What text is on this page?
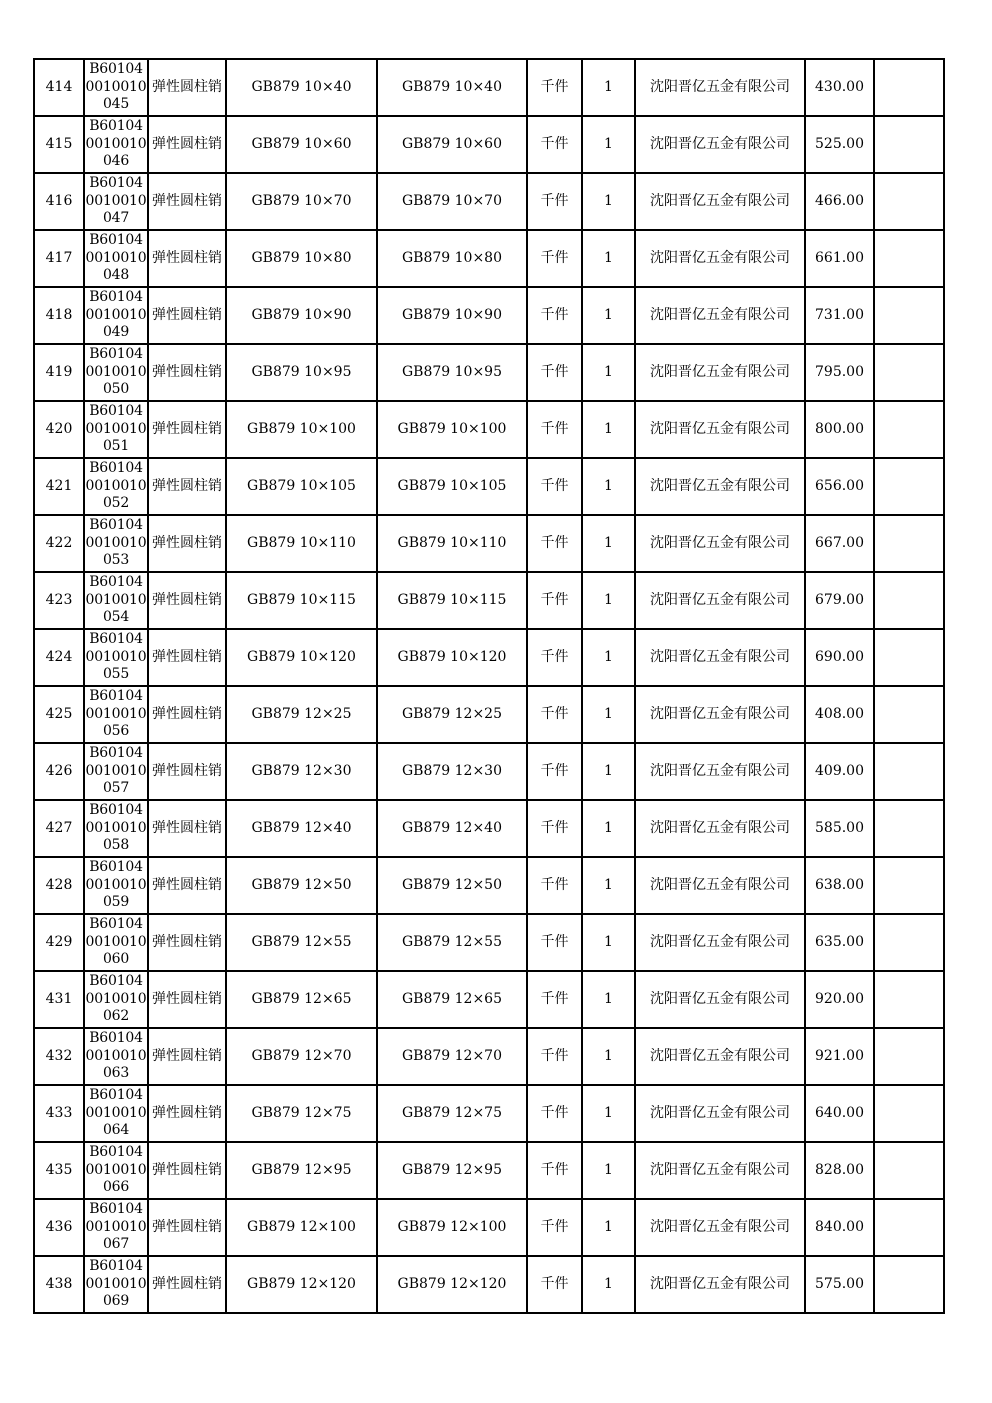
414	B601040010010045	弹性圆柱销	GB879 10×40	GB879 10×40	千件	1	沈阳晋亿五金有限公司	430.00	
415	B601040010010046	弹性圆柱销	GB879 10×60	GB879 10×60	千件	1	沈阳晋亿五金有限公司	525.00	
416	B601040010010047	弹性圆柱销	GB879 10×70	GB879 10×70	千件	1	沈阳晋亿五金有限公司	466.00	
417	B601040010010048	弹性圆柱销	GB879 10×80	GB879 10×80	千件	1	沈阳晋亿五金有限公司	661.00	
418	B601040010010049	弹性圆柱销	GB879 10×90	GB879 10×90	千件	1	沈阳晋亿五金有限公司	731.00	
419	B601040010010050	弹性圆柱销	GB879 10×95	GB879 10×95	千件	1	沈阳晋亿五金有限公司	795.00	
420	B601040010010051	弹性圆柱销	GB879 10×100	GB879 10×100	千件	1	沈阳晋亿五金有限公司	800.00	
421	B601040010010052	弹性圆柱销	GB879 10×105	GB879 10×105	千件	1	沈阳晋亿五金有限公司	656.00	
422	B601040010010053	弹性圆柱销	GB879 10×110	GB879 10×110	千件	1	沈阳晋亿五金有限公司	667.00	
423	B601040010010054	弹性圆柱销	GB879 10×115	GB879 10×115	千件	1	沈阳晋亿五金有限公司	679.00	
424	B601040010010055	弹性圆柱销	GB879 10×120	GB879 10×120	千件	1	沈阳晋亿五金有限公司	690.00	
425	B601040010010056	弹性圆柱销	GB879 12×25	GB879 12×25	千件	1	沈阳晋亿五金有限公司	408.00	
426	B601040010010057	弹性圆柱销	GB879 12×30	GB879 12×30	千件	1	沈阳晋亿五金有限公司	409.00	
427	B601040010010058	弹性圆柱销	GB879 12×40	GB879 12×40	千件	1	沈阳晋亿五金有限公司	585.00	
428	B601040010010059	弹性圆柱销	GB879 12×50	GB879 12×50	千件	1	沈阳晋亿五金有限公司	638.00	
429	B601040010010060	弹性圆柱销	GB879 12×55	GB879 12×55	千件	1	沈阳晋亿五金有限公司	635.00	
431	B601040010010062	弹性圆柱销	GB879 12×65	GB879 12×65	千件	1	沈阳晋亿五金有限公司	920.00	
432	B601040010010063	弹性圆柱销	GB879 12×70	GB879 12×70	千件	1	沈阳晋亿五金有限公司	921.00	
433	B601040010010064	弹性圆柱销	GB879 12×75	GB879 12×75	千件	1	沈阳晋亿五金有限公司	640.00	
435	B601040010010066	弹性圆柱销	GB879 12×95	GB879 12×95	千件	1	沈阳晋亿五金有限公司	828.00	
436	B601040010010067	弹性圆柱销	GB879 12×100	GB879 12×100	千件	1	沈阳晋亿五金有限公司	840.00	
438	B601040010010069	弹性圆柱销	GB879 12×120	GB879 12×120	千件	1	沈阳晋亿五金有限公司	575.00	
